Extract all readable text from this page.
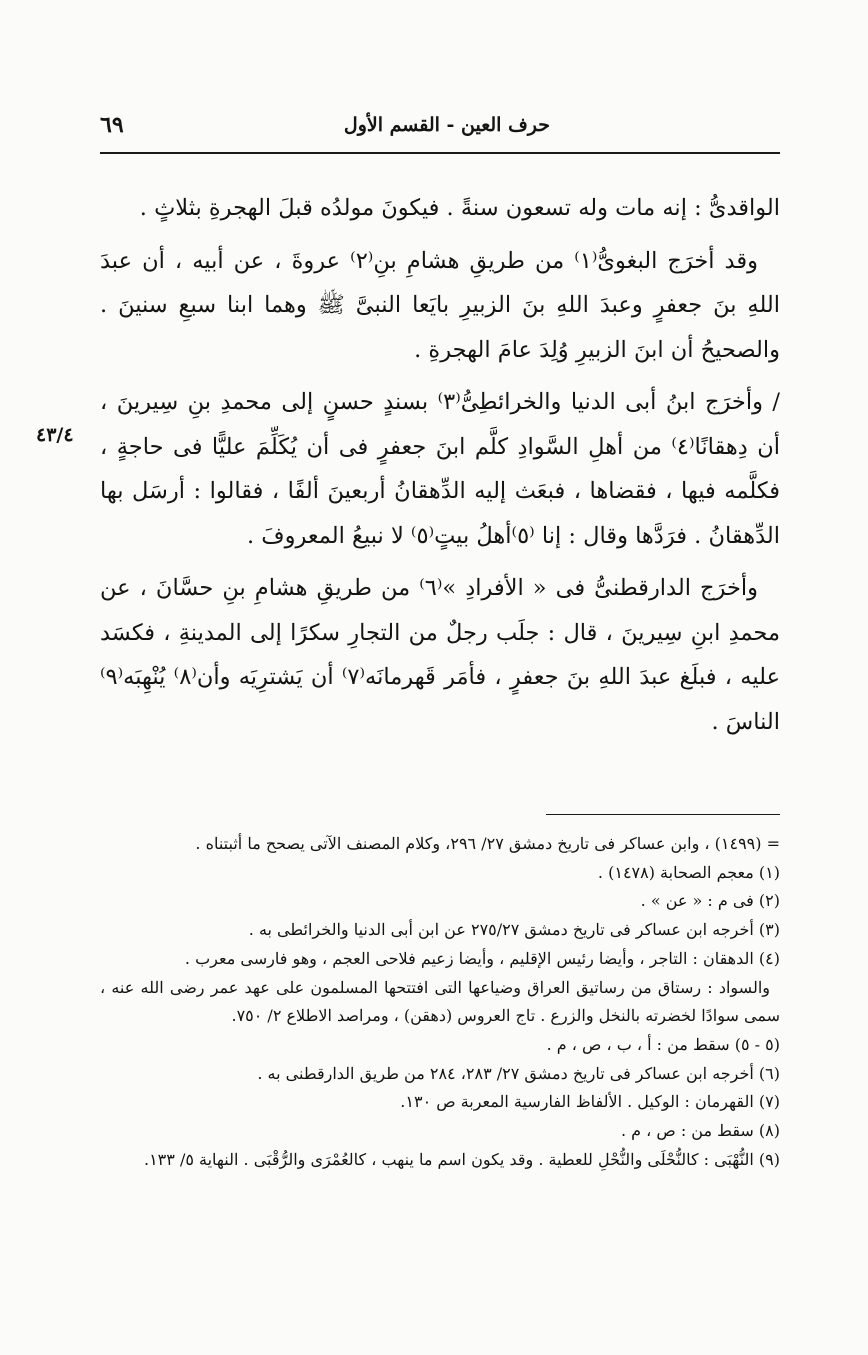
حرف العين - القسم الأول
٦٩
٤٣/٤

الواقدىُّ : إنه مات وله تسعون سنةً . فيكونَ مولدُه قبلَ الهجرةِ بثلاثٍ .

وقد أخرَج البغوىُّ⁽١⁾ من طريقِ هشامِ بنِ⁽٢⁾ عروةَ ، عن أبيه ، أن عبدَ اللهِ بنَ جعفرٍ وعبدَ اللهِ بنَ الزبيرِ بايَعا النبىَّ ﷺ وهما ابنا سبعِ سنينَ . والصحيحُ أن ابنَ الزبيرِ وُلِدَ عامَ الهجرةِ .

/ وأخرَج ابنُ أبى الدنيا والخرائطِىُّ⁽٣⁾ بسندٍ حسنٍ إلى محمدِ بنِ سِيرينَ ، أن دِهقانًا⁽٤⁾ من أهلِ السَّوادِ كلَّم ابنَ جعفرٍ فى أن يُكَلِّمَ عليًّا فى حاجةٍ ، فكلَّمه فيها ، فقضاها ، فبعَث إليه الدِّهقانُ أربعينَ ألفًا ، فقالوا : أرسَل بها الدِّهقانُ . فرَدَّها وقال : إنا ⁽٥⁾أهلُ بيتٍ⁽٥⁾ لا نبيعُ المعروفَ .

وأخرَج الدارقطنىُّ فى « الأفرادِ »⁽٦⁾ من طريقِ هشامِ بنِ حسَّانَ ، عن محمدِ ابنِ سِيرينَ ، قال : جلَب رجلٌ من التجارِ سكرًا إلى المدينةِ ، فكسَد عليه ، فبلَغ عبدَ اللهِ بنَ جعفرٍ ، فأمَر قَهرمانَه⁽٧⁾ أن يَشترِيَه وأن⁽٨⁾ يُنْهِبَه⁽٩⁾ الناسَ .

= (١٤٩٩) ، وابن عساكر فى تاريخ دمشق ٢٧/ ٢٩٦، وكلام المصنف الآتى يصحح ما أثبتناه .

(١) معجم الصحابة (١٤٧٨) .

(٢) فى م : « عن » .

(٣) أخرجه ابن عساكر فى تاريخ دمشق ٢٧٥/٢٧ عن ابن أبى الدنيا والخرائطى به .

(٤) الدهقان : التاجر ، وأيضا رئيس الإقليم ، وأيضا زعيم فلاحى العجم ، وهو فارسى معرب .

والسواد : رستاق من رساتيق العراق وضياعها التى افتتحها المسلمون على عهد عمر رضى الله عنه ، سمى سوادًا لخضرته بالنخل والزرع . تاج العروس (دهقن) ، ومراصد الاطلاع ٢/ ٧٥٠.

(٥ - ٥) سقط من : أ ، ب ، ص ، م .

(٦) أخرجه ابن عساكر فى تاريخ دمشق ٢٧/ ٢٨٣، ٢٨٤ من طريق الدارقطنى به .

(٧) القهرمان : الوكيل . الألفاظ الفارسية المعربة ص ١٣٠.

(٨) سقط من : ص ، م .

(٩) النُّهْبَى : كالنُّحْلَى والنُّحْلِ للعطية . وقد يكون اسم ما ينهب ، كالعُمْرَى والرُّقْبَى . النهاية ٥/ ١٣٣.
